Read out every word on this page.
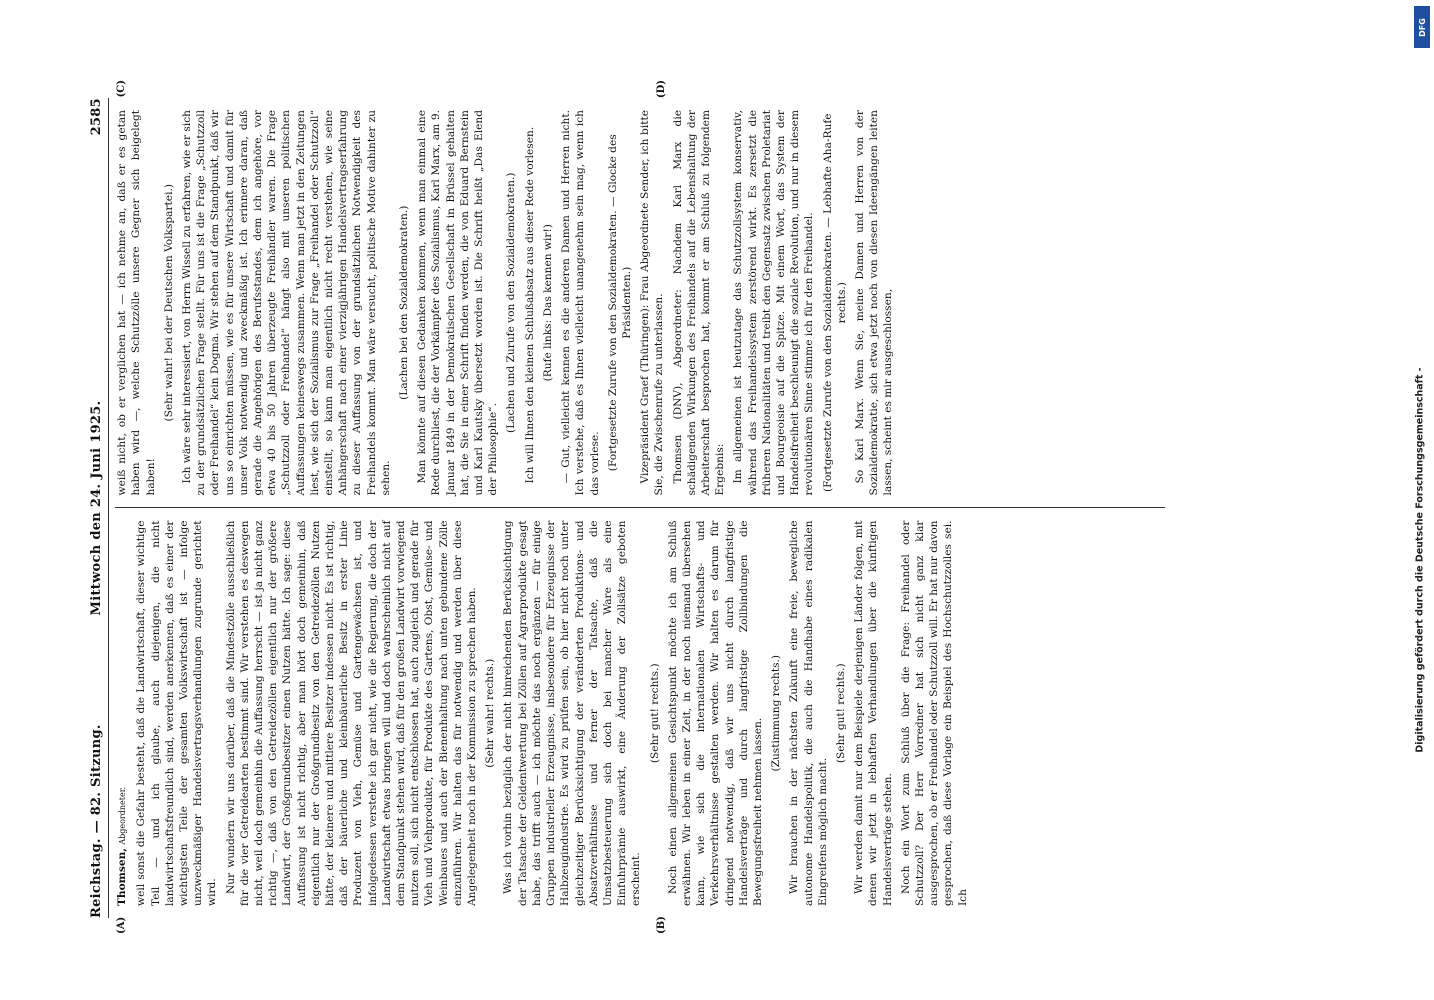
Reichstag. — 82. Sitzung.
Mittwoch den 24. Juni 1925.
2585
(A)	(B)

Thomsen, Abgeordneter. weil sonst die Gefahr besteht, daß die Landwirtschaft, dieser wichtige Teil — und ich glaube, auch diejenigen, die nicht landwirtschaftsfreundlich sind, werden anerkennen, daß es einer der wichtigsten Teile der gesamten Volkswirtschaft ist — infolge unzweckmäßiger Handelsvertragsverhandlungen zugrunde gerichtet wird. Nur wundern wir uns darüber, daß die Mindestzölle ausschließlich für die vier Getreidearten bestimmt sind. Wir verstehen es deswegen nicht, weil doch gemeinhin die Auffassung herrscht — ist ja nicht ganz richtig —, daß von den Getreidezöllen eigentlich nur der größere Landwirt, der Großgrundbesitzer einen Nutzen hätte. Ich sage: diese Auffassung ist nicht richtig, aber man hört doch gemeinhin, daß eigentlich nur der Großgrundbesitz von den Getreidezöllen Nutzen hätte, der kleinere und mittlere Besitzer indessen nicht. Es ist richtig, daß der bäuerliche und kleinbäuerliche Besitz in erster Linie Produzent von Vieh, Gemüse und Gartengewächsen ist, und infolgedessen verstehe ich gar nicht, wie die Regierung, die doch der Landwirtschaft etwas bringen will und doch wahrscheinlich nicht auf dem Standpunkt stehen wird, daß für den großen Landwirt vorwiegend nutzen soll, sich nicht entschlossen hat, auch zugleich und gerade für Vieh und Viehprodukte, für Produkte des Gartens, Obst, Gemüse- und Weinbaues und auch der Bienenhaltung nach unten gebundene Zölle einzuführen. Wir halten das für notwendig und werden über diese Angelegenheit noch in der Kommission zu sprechen haben. (Sehr wahr! rechts.) Was ich vorhin bezüglich der nicht hinreichenden Berücksichtigung der Tatsache der Geldentwertung bei Zöllen auf Agrarprodukte gesagt habe, das trifft auch — ich möchte das noch ergänzen — für einige Gruppen industrieller Erzeugnisse, insbesondere für Erzeugnisse der Halbzeugindustrie. Es wird zu prüfen sein, ob hier nicht noch unter gleichzeitiger Berücksichtigung der veränderten Produktions- und Absatzverhältnisse und ferner der Tatsache, daß die Umsatzbesteuerung sich doch bei mancher Ware als eine Einfuhrprämie auswirkt, eine Änderung der Zollsätze geboten erscheint.

(Sehr gut! rechts.) Noch einen allgemeinen Gesichtspunkt möchte ich am Schluß erwähnen. Wir leben in einer Zeit, in der noch niemand übersehen kann, wie sich die internationalen Wirtschafts- und Verkehrsverhältnisse gestalten werden. Wir halten es darum für dringend notwendig, daß wir uns nicht durch langfristige Handelsverträge und durch langfristige Zollbindungen die Bewegungsfreiheit nehmen lassen.

(Zustimmung rechts.) Wir brauchen in der nächsten Zukunft eine freie, bewegliche autonome Handelspolitik, die auch die Handhabe eines radikalen Eingreifens möglich macht.

(Sehr gut! rechts.) Wir werden damit nur dem Beispiele derjenigen Länder folgen, mit denen wir jetzt in lebhaften Verhandlungen über die künftigen Handelsverträge stehen. Noch ein Wort zum Schluß über die Frage: Freihandel oder Schutzzoll? Der Herr Vorredner hat sich nicht ganz klar ausgesprochen, ob er Freihandel oder Schutzzoll will. Er hat nur davon gesprochen, daß diese Vorlage ein Beispiel des Hochschutzzolles sei. Ich

(C)	(D)

weiß nicht, ob er verglichen hat — ich nehme an, daß er es getan haben wird —, welche Schutzzölle unsere Gegner sich beigelegt haben!

(Sehr wahr! bei der Deutschen Volkspartei.) Ich wäre sehr interessiert, von Herrn Wissell zu erfahren, wie er sich zu der grundsätzlichen Frage stellt. Für uns ist die Frage „Schutzzoll oder Freihandel“ kein Dogma. Wir stehen auf dem Standpunkt, daß wir uns so einrichten müssen, wie es für unsere Wirtschaft und damit für unser Volk notwendig und zweckmäßig ist. Ich erinnere daran, daß gerade die Angehörigen des Berufsstandes, dem ich angehöre, vor etwa 40 bis 50 Jahren überzeugte Freihändler waren. Die Frage „Schutzzoll oder Freihandel“ hängt also mit unseren politischen Auffassungen keineswegs zusammen. Wenn man jetzt in den Zeitungen liest, wie sich der Sozialismus zur Frage „Freihandel oder Schutzzoll“ einstellt, so kann man eigentlich nicht recht verstehen, wie seine Anhängerschaft nach einer vierzigjährigen Handelsvertragserfahrung zu dieser Auffassung von der grundsätzlichen Notwendigkeit des Freihandels kommt. Man wäre versucht, politische Motive dahinter zu sehen.

(Lachen bei den Sozialdemokraten.) Man könnte auf diesen Gedanken kommen, wenn man einmal eine Rede durchliest, die der Vorkämpfer des Sozialismus, Karl Marx, am 9. Januar 1849 in der Demokratischen Gesellschaft in Brüssel gehalten hat, die Sie in einer Schrift finden werden, die von Eduard Bernstein und Karl Kautsky übersetzt worden ist. Die Schrift heißt „Das Elend der Philosophie“.

(Lachen und Zurufe von den Sozialdemokraten.) Ich will Ihnen den kleinen Schlußabsatz aus dieser Rede vorlesen. (Rufe links: Das kennen wir!) — Gut, vielleicht kennen es die anderen Damen und Herren nicht. Ich verstehe, daß es Ihnen vielleicht unangenehm sein mag, wenn ich das vorlese. (Fortgesetzte Zurufe von den Sozialdemokraten. — Glocke des Präsidenten.) Vizepräsident Graef (Thüringen): Frau Abgeordnete Sender, ich bitte Sie, die Zwischenrufe zu unterlassen. Thomsen (DNV), Abgeordneter: Nachdem Karl Marx die schädigenden Wirkungen des Freihandels auf die Lebenshaltung der Arbeiterschaft besprochen hat, kommt er am Schluß zu folgendem Ergebnis: Im allgemeinen ist heutzutage das Schutzzollsystem konservativ, während das Freihandelssystem zerstörend wirkt. Es zersetzt die früheren Nationalitäten und treibt den Gegensatz zwischen Proletariat und Bourgeoisie auf die Spitze. Mit einem Wort, das System der Handelsfreiheit beschleunigt die soziale Revolution, und nur in diesem revolutionären Sinne stimme ich für den Freihandel. (Fortgesetzte Zurufe von den Sozialdemokraten. — Lebhafte Aha-Rufe rechts.) So Karl Marx. Wenn Sie, meine Damen und Herren von der Sozialdemokratie, sich etwa jetzt noch von diesen Ideengängen leiten lassen, scheint es mir ausgeschlossen,

DFG
Digitalisierung gefördert durch die Deutsche Forschungsgemeinschaft -
